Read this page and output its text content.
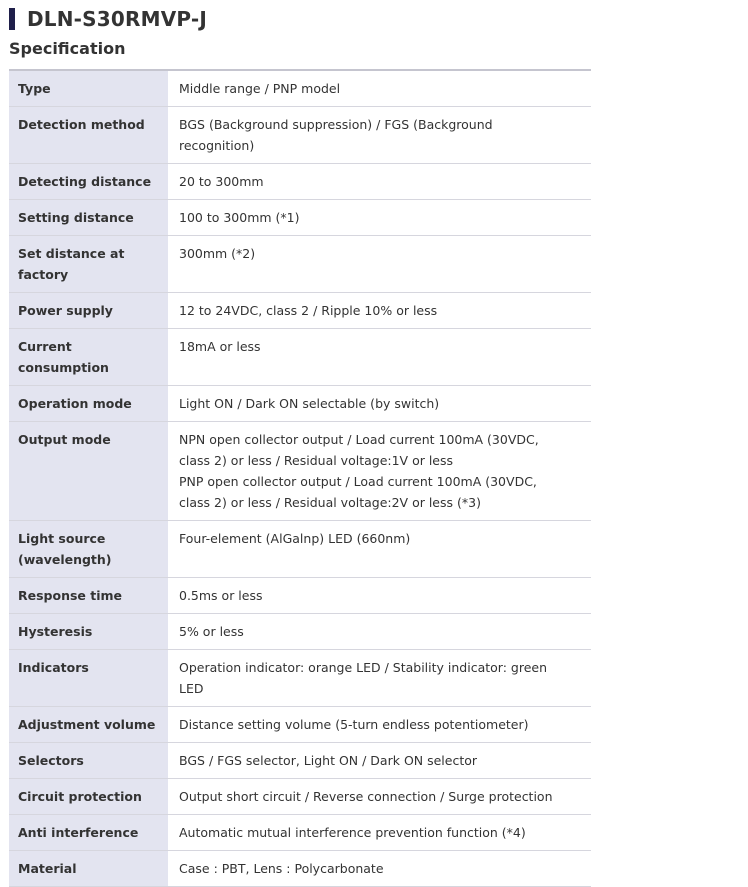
DLN-S30RMVP-J
Specification
Type	Middle range / PNP model
Detection method	BGS (Background suppression) / FGS (Background recognition)
Detecting distance	20 to 300mm
Setting distance	100 to 300mm (*1)
Set distance at factory	300mm (*2)
Power supply	12 to 24VDC, class 2 / Ripple 10% or less
Current consumption	18mA or less
Operation mode	Light ON / Dark ON selectable (by switch)
Output mode	NPN open collector output / Load current 100mA (30VDC, class 2) or less / Residual voltage:1V or less
PNP open collector output / Load current 100mA (30VDC, class 2) or less / Residual voltage:2V or less (*3)

Light source (wavelength)	Four-element (AlGalnp) LED (660nm)
Response time	0.5ms or less
Hysteresis	5% or less
Indicators	Operation indicator: orange LED / Stability indicator: green LED
Adjustment volume	Distance setting volume (5-turn endless potentiometer)
Selectors	BGS / FGS selector, Light ON / Dark ON selector
Circuit protection	Output short circuit / Reverse connection / Surge protection
Anti interference	Automatic mutual interference prevention function (*4)
Material	Case : PBT, Lens : Polycarbonate
